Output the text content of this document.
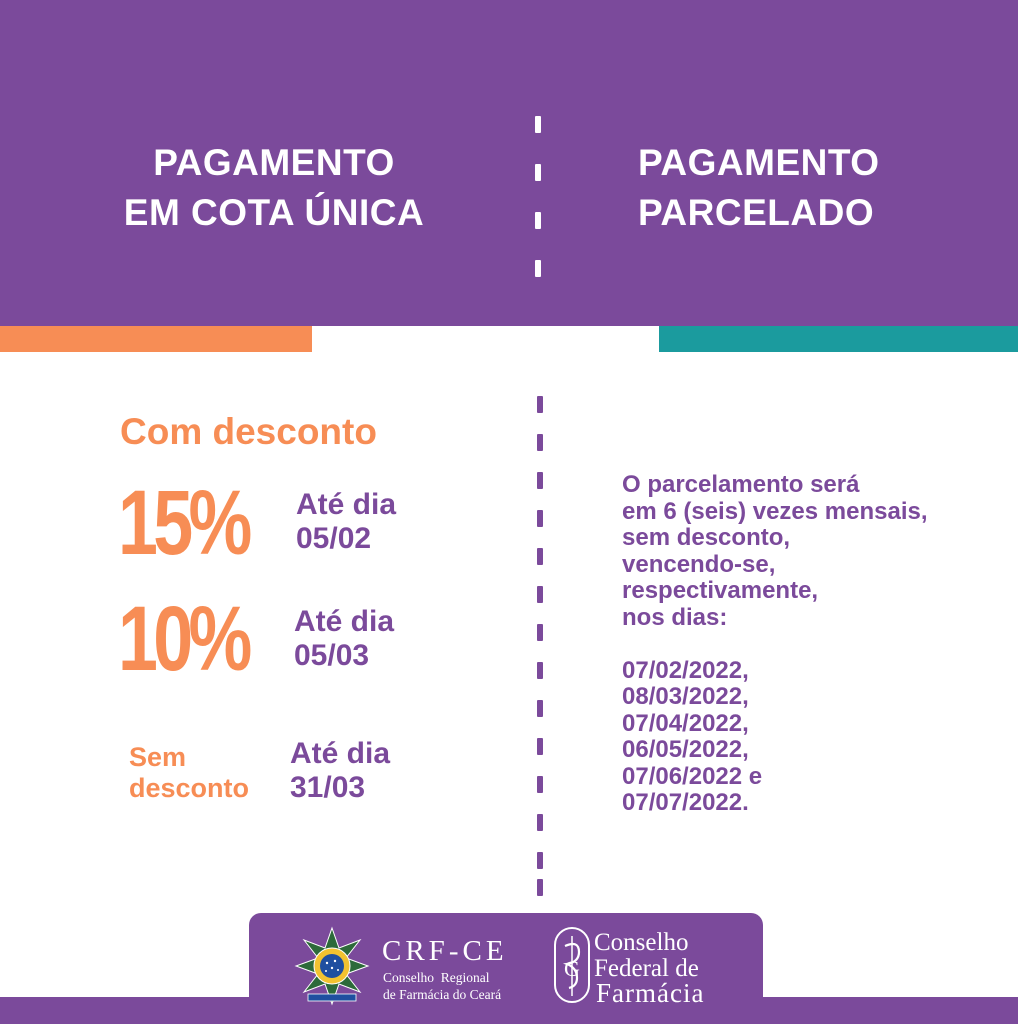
PAGAMENTO
EM COTA ÚNICA
PAGAMENTO
PARCELADO
Com desconto
15% Até dia
05/02
10% Até dia
05/03
Sem
desconto
Até dia
31/03
O parcelamento será
em 6 (seis) vezes mensais,
sem desconto,
vencendo-se,
respectivamente,
nos dias:

07/02/2022,
08/03/2022,
07/04/2022,
06/05/2022,
07/06/2022 e
07/07/2022.
CRF-CE
Conselho  Regional
de Farmácia do Ceará
G
Conselho
Federal de
Farmácia
